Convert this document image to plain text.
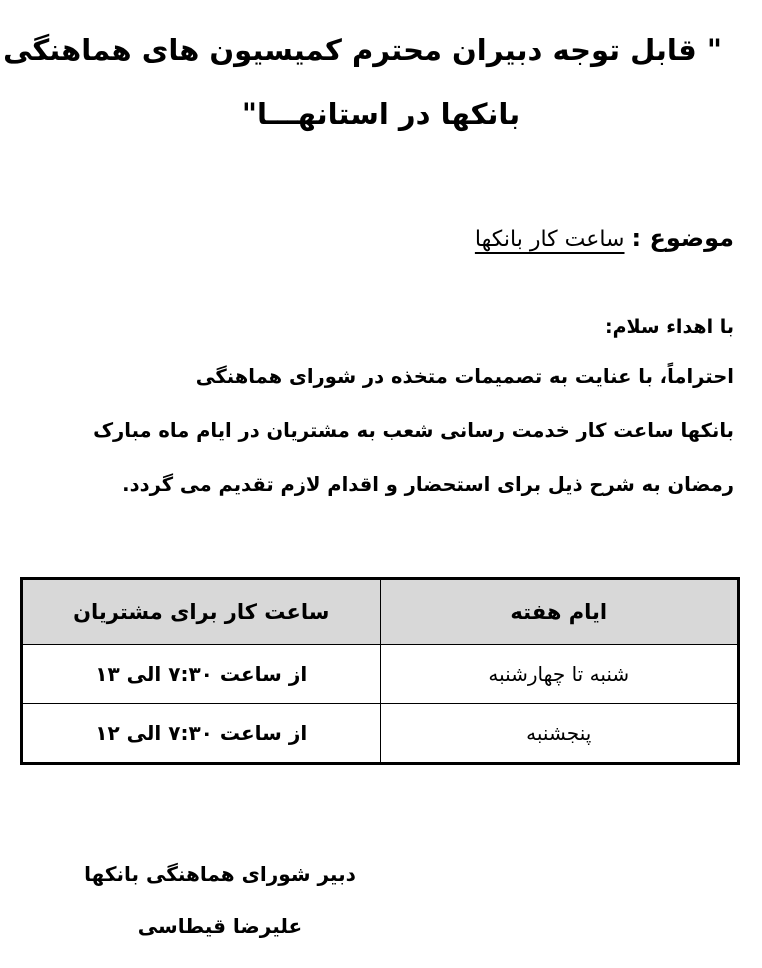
" قابل توجه دبیران محترم کمیسیون های هماهنگی
بانکها در استانهـــا"
موضوع : ساعت کار بانکها
با اهداء سلام:
احتراماً، با عنایت به تصمیمات متخذه در شورای هماهنگی
بانکها ساعت کار خدمت رسانی شعب به مشتریان در ایام ماه مبارک
رمضان به شرح ذیل برای استحضار و اقدام لازم تقدیم می گردد.
ایام هفته	ساعت کار برای مشتریان
شنبه تا چهارشنبه	از ساعت ۷:۳۰ الی ۱۳
پنجشنبه	از ساعت ۷:۳۰ الی ۱۲
دبیر شورای هماهنگی بانکها
علیرضا قیطاسی
